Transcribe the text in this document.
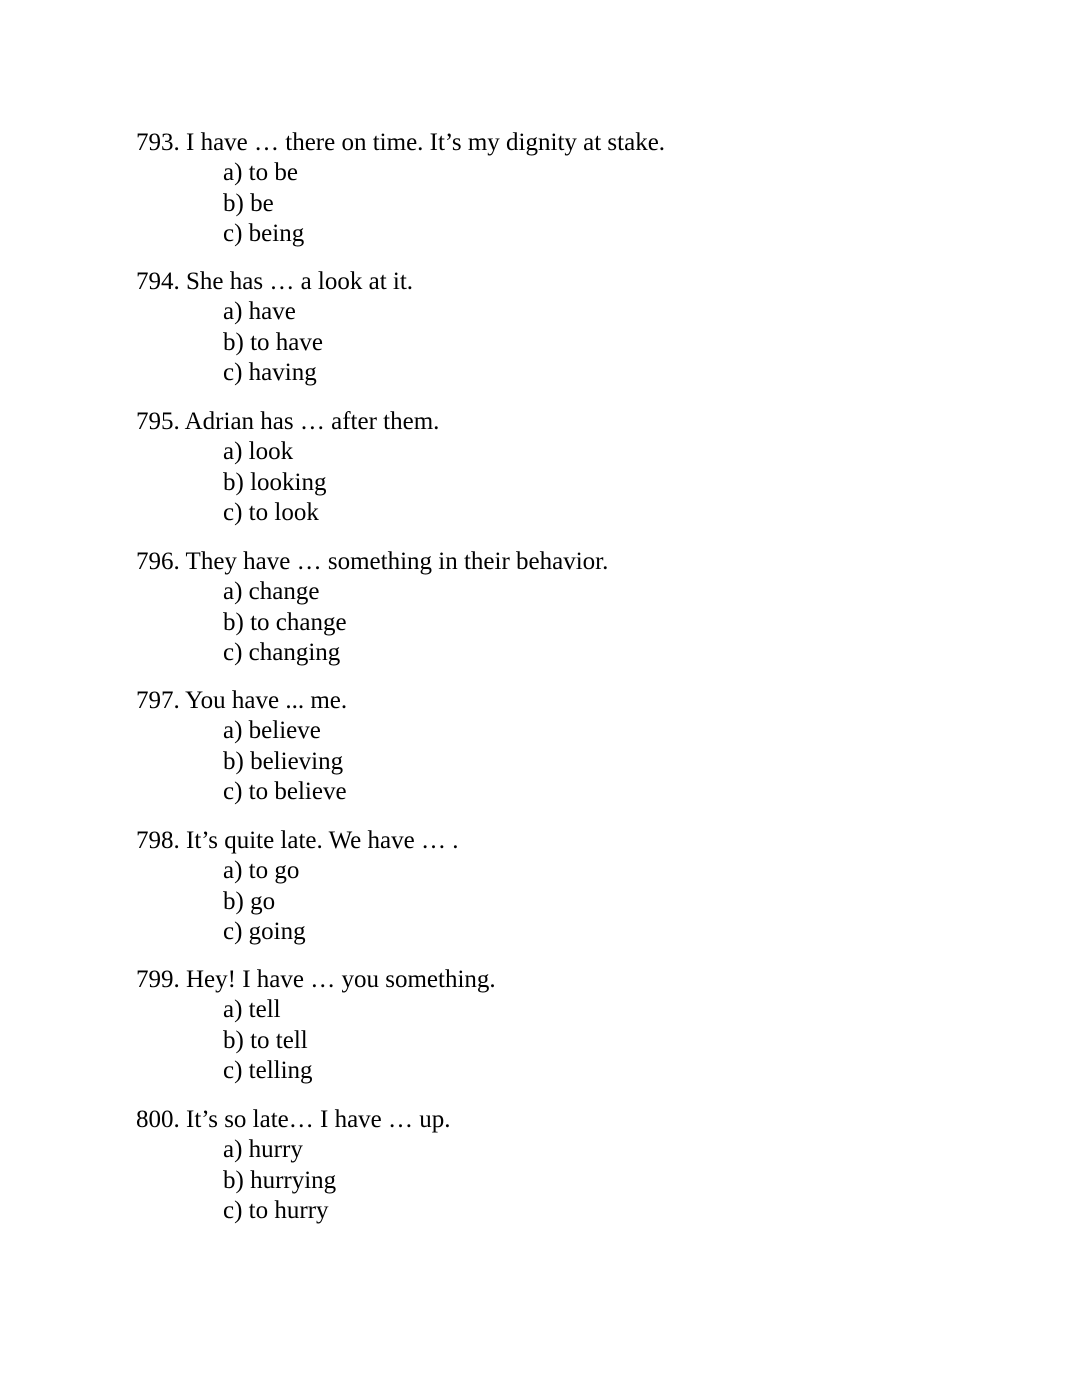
793. I have … there on time. It’s my dignity at stake.
a) to be
b) be
c) being
794. She has … a look at it.
a) have
b) to have
c) having
795. Adrian has … after them.
a) look
b) looking
c) to look
796. They have … something in their behavior.
a) change
b) to change
c) changing
797. You have ... me.
a) believe
b) believing
c) to believe
798. It’s quite late. We have … .
a) to go
b) go
c) going
799. Hey! I have … you something.
a) tell
b) to tell
c) telling
800. It’s so late… I have … up.
a) hurry
b) hurrying
c) to hurry
